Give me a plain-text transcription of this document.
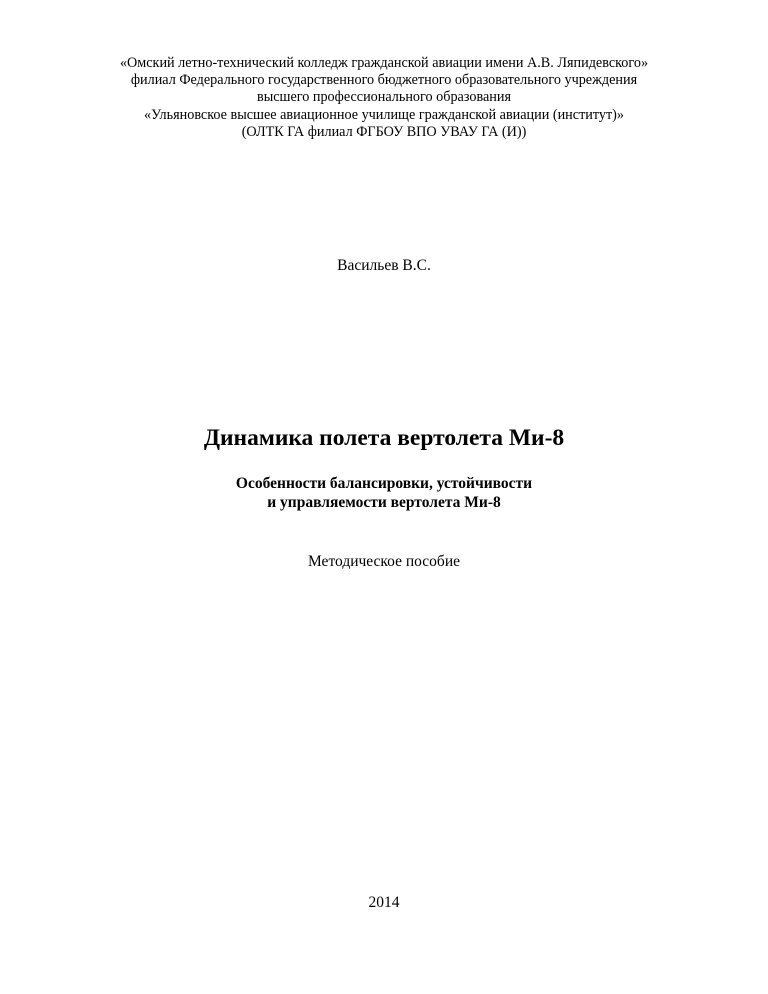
«Омский летно-технический колледж гражданской авиации имени А.В. Ляпидевского»
филиал Федерального государственного бюджетного образовательного учреждения
высшего профессионального образования
«Ульяновское высшее авиационное училище гражданской авиации (институт)»
(ОЛТК ГА филиал ФГБОУ ВПО УВАУ ГА (И))
Васильев В.С.
Динамика полета вертолета Ми-8
Особенности балансировки, устойчивости
и управляемости вертолета Ми-8
Методическое пособие
2014
